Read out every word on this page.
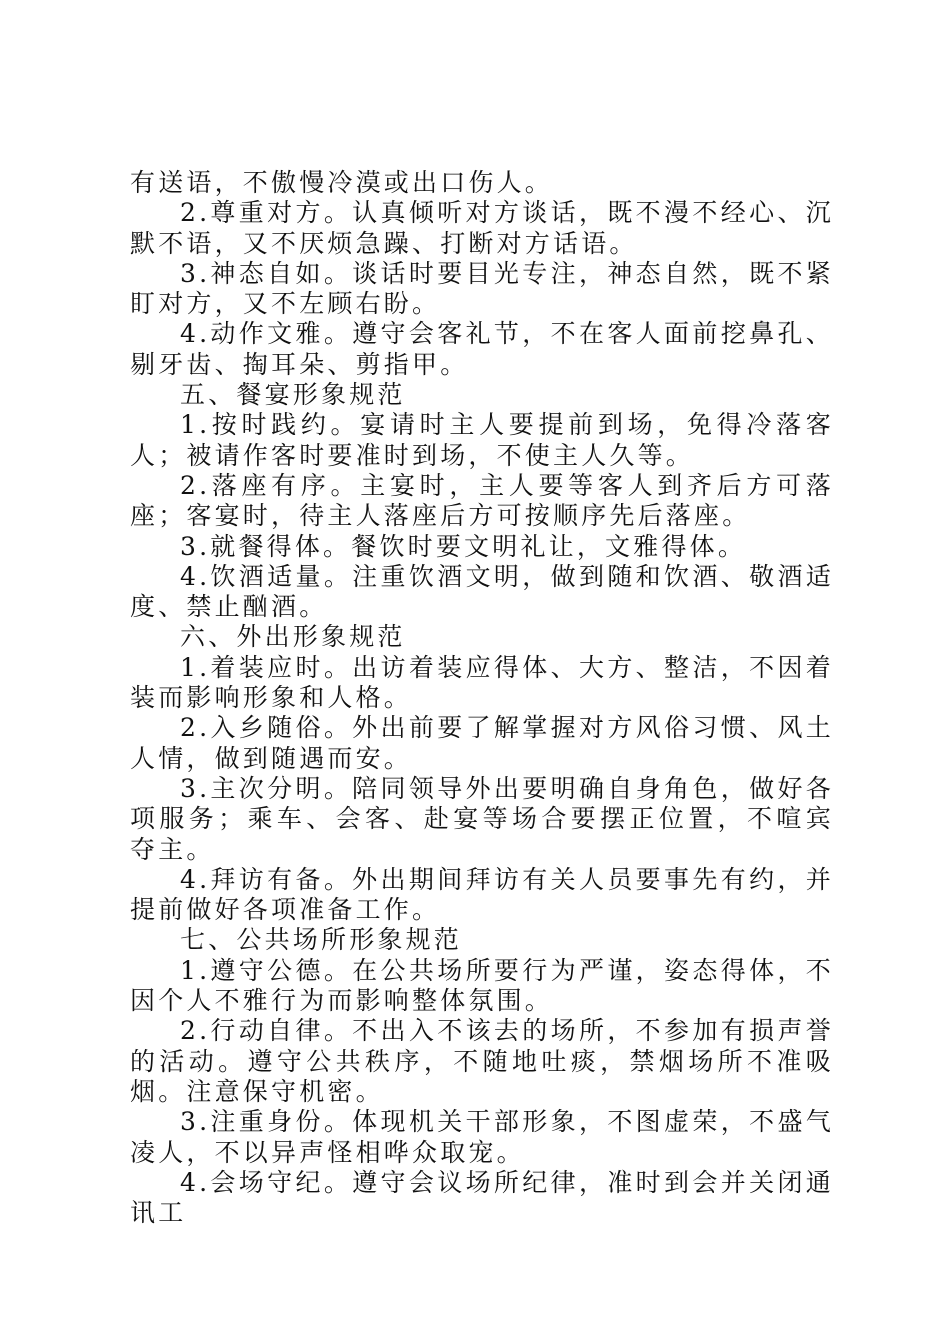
有送语，不傲慢冷漠或出口伤人。

2.尊重对方。认真倾听对方谈话，既不漫不经心、沉默不语，又不厌烦急躁、打断对方话语。

3.神态自如。谈话时要目光专注，神态自然，既不紧盯对方，又不左顾右盼。

4.动作文雅。遵守会客礼节，不在客人面前挖鼻孔、剔牙齿、掏耳朵、剪指甲。

五、餐宴形象规范

1.按时践约。宴请时主人要提前到场，免得冷落客人；被请作客时要准时到场，不使主人久等。

2.落座有序。主宴时，主人要等客人到齐后方可落座；客宴时，待主人落座后方可按顺序先后落座。

3.就餐得体。餐饮时要文明礼让，文雅得体。

4.饮酒适量。注重饮酒文明，做到随和饮酒、敬酒适度、禁止酗酒。

六、外出形象规范

1.着装应时。出访着装应得体、大方、整洁，不因着装而影响形象和人格。

2.入乡随俗。外出前要了解掌握对方风俗习惯、风土人情，做到随遇而安。

3.主次分明。陪同领导外出要明确自身角色，做好各项服务；乘车、会客、赴宴等场合要摆正位置，不喧宾夺主。

4.拜访有备。外出期间拜访有关人员要事先有约，并提前做好各项准备工作。

七、公共场所形象规范

1.遵守公德。在公共场所要行为严谨，姿态得体，不因个人不雅行为而影响整体氛围。

2.行动自律。不出入不该去的场所，不参加有损声誉的活动。遵守公共秩序，不随地吐痰，禁烟场所不准吸烟。注意保守机密。

3.注重身份。体现机关干部形象，不图虚荣，不盛气凌人，不以异声怪相哗众取宠。

4.会场守纪。遵守会议场所纪律，准时到会并关闭通讯工
